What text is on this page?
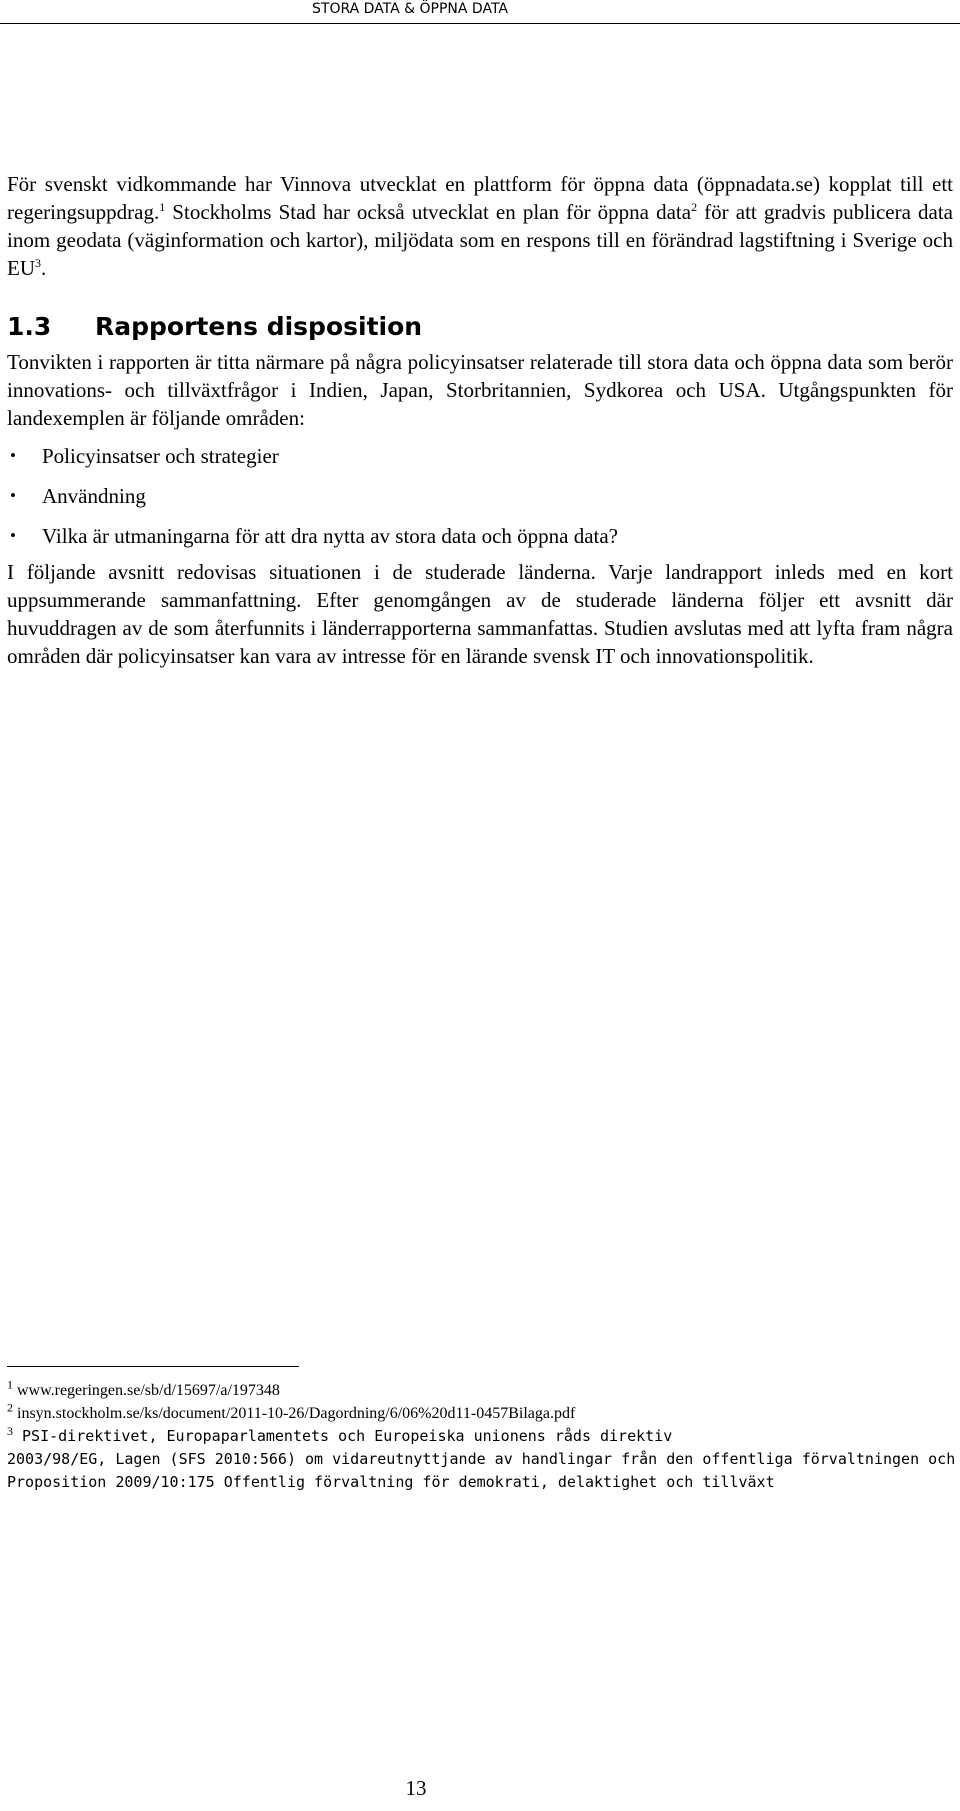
STORA DATA & ÖPPNA DATA

För svenskt vidkommande har Vinnova utvecklat en plattform för öppna data (öppnadata.se) kopplat till ett regeringsuppdrag.$^1$ Stockholms Stad har också utvecklat en plan för öppna data$^2$ för att gradvis publicera data inom geodata (väginformation och kartor), miljödata som en respons till en förändrad lagstiftning i Sverige och $EU^3$.

1.3 Rapportens disposition

Tonvikten i rapporten är titta närmare på några policyinsatser relaterade till stora data och öppna data som berör innovations- och tillväxtfrågor i Indien, Japan, Storbritannien, Sydkorea och USA. Utgångspunkten för landexemplen är följande områden:

• Policyinsatser och strategier
• Användning
• Vilka är utmaningarna för att dra nytta av stora data och öppna data?

I följande avsnitt redovisas situationen i de studerade länderna. Varje landrapport inleds med en kort uppsummerande sammanfattning. Efter genomgången av de studerade länderna följer ett avsnitt där huvuddragen av de som återfunnits i länderrapporterna sammanfattas. Studien avslutas med att lyfta fram några områden där policyinsatser kan vara av intresse för en lärande svensk IT och innovationspolitik.

$^1$ www.regeringen.se/sb/d/15697/a/197348

$^2$ insyn.stockholm.se/ks/document/2011-10-26/Dagordning/6/06%20d11-0457Bilaga.pdf

$^3$ PSI-direktivet, Europaparlamentets och Europeiska unionens råds direktiv

2003/98/EG, Lagen (SFS 2010:566) om vidareutnyttjande av handlingar från den offentliga förvaltningen och

Proposition 2009/10:175 Offentlig förvaltning för demokrati, delaktighet och tillväxt

13
